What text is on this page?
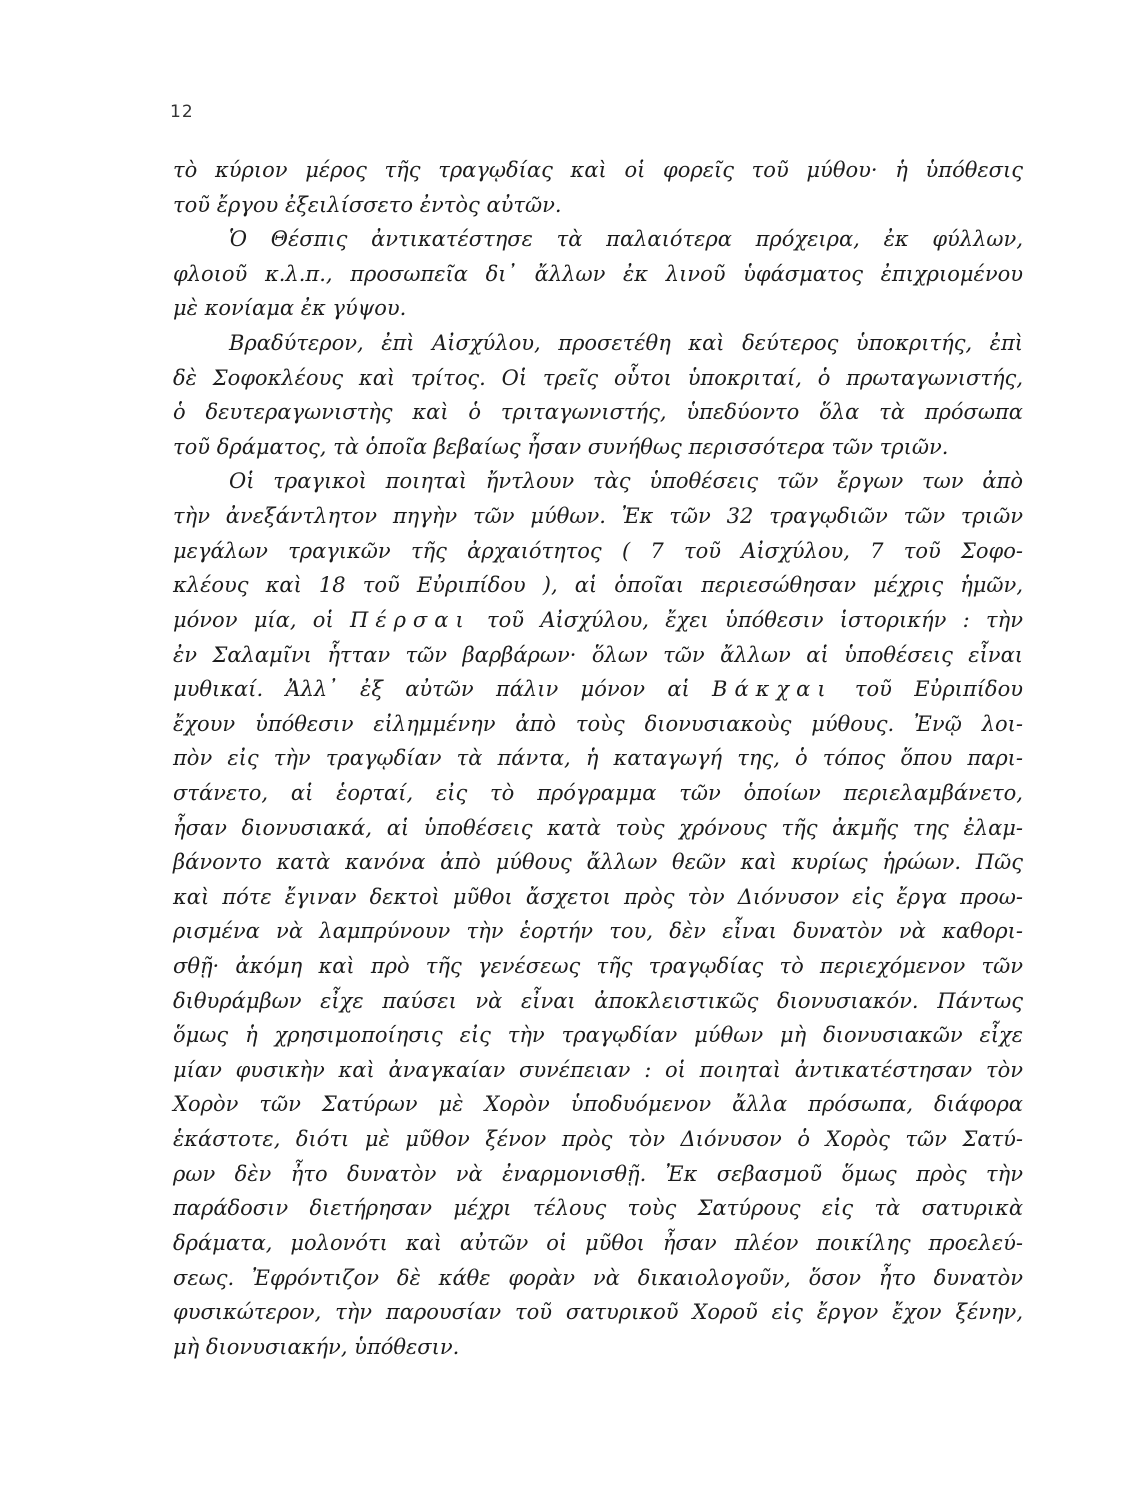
12
τὸ κύριον μέρος τῆς τραγῳδίας καὶ οἱ φορεῖς τοῦ μύθου· ἡ ὑπόθεσις
τοῦ ἔργου ἐξειλίσσετο ἐντὸς αὐτῶν.
Ὁ Θέσπις ἀντικατέστησε τὰ παλαιότερα πρόχειρα, ἐκ φύλλων,
φλοιοῦ κ.λ.π., προσωπεῖα δι᾽ ἄλλων ἐκ λινοῦ ὑφάσματος ἐπιχριομένου
μὲ κονίαμα ἐκ γύψου.
Βραδύτερον, ἐπὶ Αἰσχύλου, προσετέθη καὶ δεύτερος ὑποκριτής, ἐπὶ
δὲ Σοφοκλέους καὶ τρίτος. Οἱ τρεῖς οὗτοι ὑποκριταί, ὁ πρωταγωνιστής,
ὁ δευτεραγωνιστὴς καὶ ὁ τριταγωνιστής, ὑπεδύοντο ὅλα τὰ πρόσωπα
τοῦ δράματος, τὰ ὁποῖα βεβαίως ἦσαν συνήθως περισσότερα τῶν τριῶν.
Οἱ τραγικοὶ ποιηταὶ ἤντλουν τὰς ὑποθέσεις τῶν ἔργων των ἀπὸ
τὴν ἀνεξάντλητον πηγὴν τῶν μύθων. Ἐκ τῶν 32 τραγῳδιῶν τῶν τριῶν
μεγάλων τραγικῶν τῆς ἀρχαιότητος ( 7 τοῦ Αἰσχύλου, 7 τοῦ Σοφο-
κλέους καὶ 18 τοῦ Εὐριπίδου ), αἱ ὁποῖαι περιεσώθησαν μέχρις ἡμῶν,
μόνον μία, οἱ Πέρσαι τοῦ Αἰσχύλου, ἔχει ὑπόθεσιν ἱστορικήν : τὴν
ἐν Σαλαμῖνι ἧτταν τῶν βαρβάρων· ὅλων τῶν ἄλλων αἱ ὑποθέσεις εἶναι
μυθικαί. Ἀλλ᾽ ἐξ αὐτῶν πάλιν μόνον αἱ Βάκχαι τοῦ Εὐριπίδου
ἔχουν ὑπόθεσιν εἰλημμένην ἀπὸ τοὺς διονυσιακοὺς μύθους. Ἐνῷ λοι-
πὸν εἰς τὴν τραγῳδίαν τὰ πάντα, ἡ καταγωγή της, ὁ τόπος ὅπου παρι-
στάνετο, αἱ ἑορταί, εἰς τὸ πρόγραμμα τῶν ὁποίων περιελαμβάνετο,
ἦσαν διονυσιακά, αἱ ὑποθέσεις κατὰ τοὺς χρόνους τῆς ἀκμῆς της ἐλαμ-
βάνοντο κατὰ κανόνα ἀπὸ μύθους ἄλλων θεῶν καὶ κυρίως ἡρώων. Πῶς
καὶ πότε ἔγιναν δεκτοὶ μῦθοι ἄσχετοι πρὸς τὸν Διόνυσον εἰς ἔργα προω-
ρισμένα νὰ λαμπρύνουν τὴν ἑορτήν του, δὲν εἶναι δυνατὸν νὰ καθορι-
σθῇ· ἀκόμη καὶ πρὸ τῆς γενέσεως τῆς τραγῳδίας τὸ περιεχόμενον τῶν
διθυράμβων εἶχε παύσει νὰ εἶναι ἀποκλειστικῶς διονυσιακόν. Πάντως
ὅμως ἡ χρησιμοποίησις εἰς τὴν τραγῳδίαν μύθων μὴ διονυσιακῶν εἶχε
μίαν φυσικὴν καὶ ἀναγκαίαν συνέπειαν : οἱ ποιηταὶ ἀντικατέστησαν τὸν
Χορὸν τῶν Σατύρων μὲ Χορὸν ὑποδυόμενον ἄλλα πρόσωπα, διάφορα
ἑκάστοτε, διότι μὲ μῦθον ξένον πρὸς τὸν Διόνυσον ὁ Χορὸς τῶν Σατύ-
ρων δὲν ἦτο δυνατὸν νὰ ἐναρμονισθῇ. Ἐκ σεβασμοῦ ὅμως πρὸς τὴν
παράδοσιν διετήρησαν μέχρι τέλους τοὺς Σατύρους εἰς τὰ σατυρικὰ
δράματα, μολονότι καὶ αὐτῶν οἱ μῦθοι ἦσαν πλέον ποικίλης προελεύ-
σεως. Ἐφρόντιζον δὲ κάθε φορὰν νὰ δικαιολογοῦν, ὅσον ἦτο δυνατὸν
φυσικώτερον, τὴν παρουσίαν τοῦ σατυρικοῦ Χοροῦ εἰς ἔργον ἔχον ξένην,
μὴ διονυσιακήν, ὑπόθεσιν.
